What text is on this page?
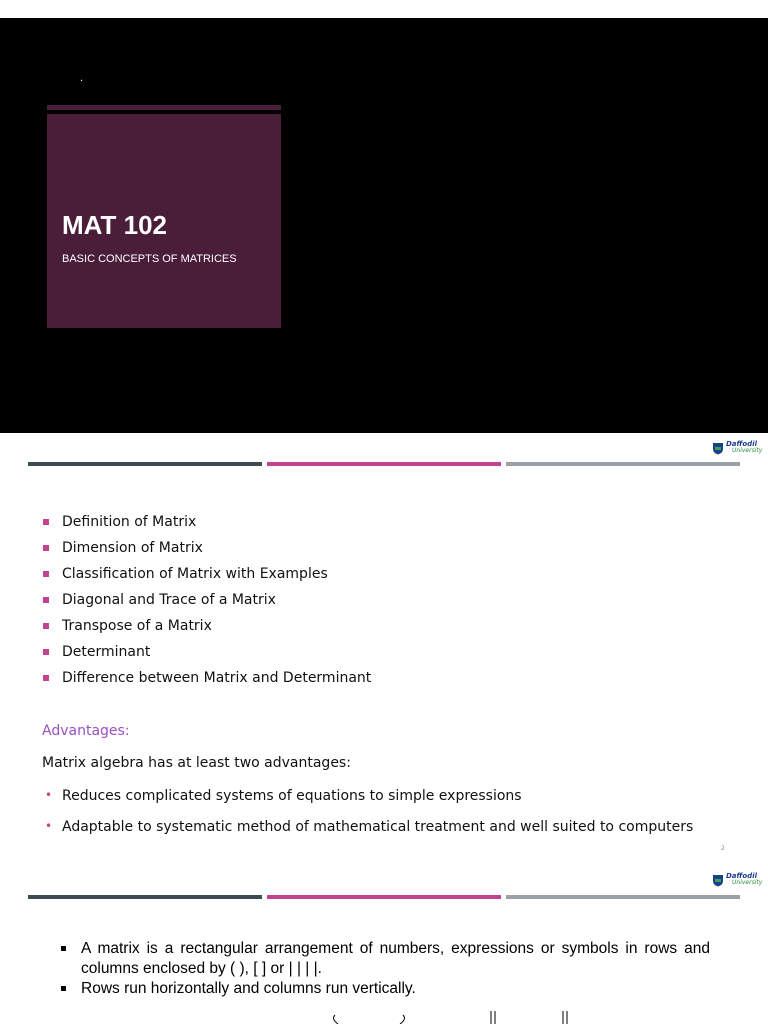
.
MAT 102
BASIC CONCEPTS OF MATRICES
Daffodil
University
Definition of Matrix
Dimension of Matrix
Classification of Matrix with Examples
Diagonal and Trace of a Matrix
Transpose of a Matrix
Determinant
Difference between Matrix and Determinant
Advantages:
Matrix algebra has at least two advantages:
• Reduces complicated systems of equations to simple expressions
• Adaptable to systematic method of mathematical treatment and well suited to computers
2
Daffodil
University
A matrix is a rectangular arrangement of numbers, expressions or symbols in rows and columns enclosed by ( ), [ ] or | | | |.
Rows run horizontally and columns run vertically.
